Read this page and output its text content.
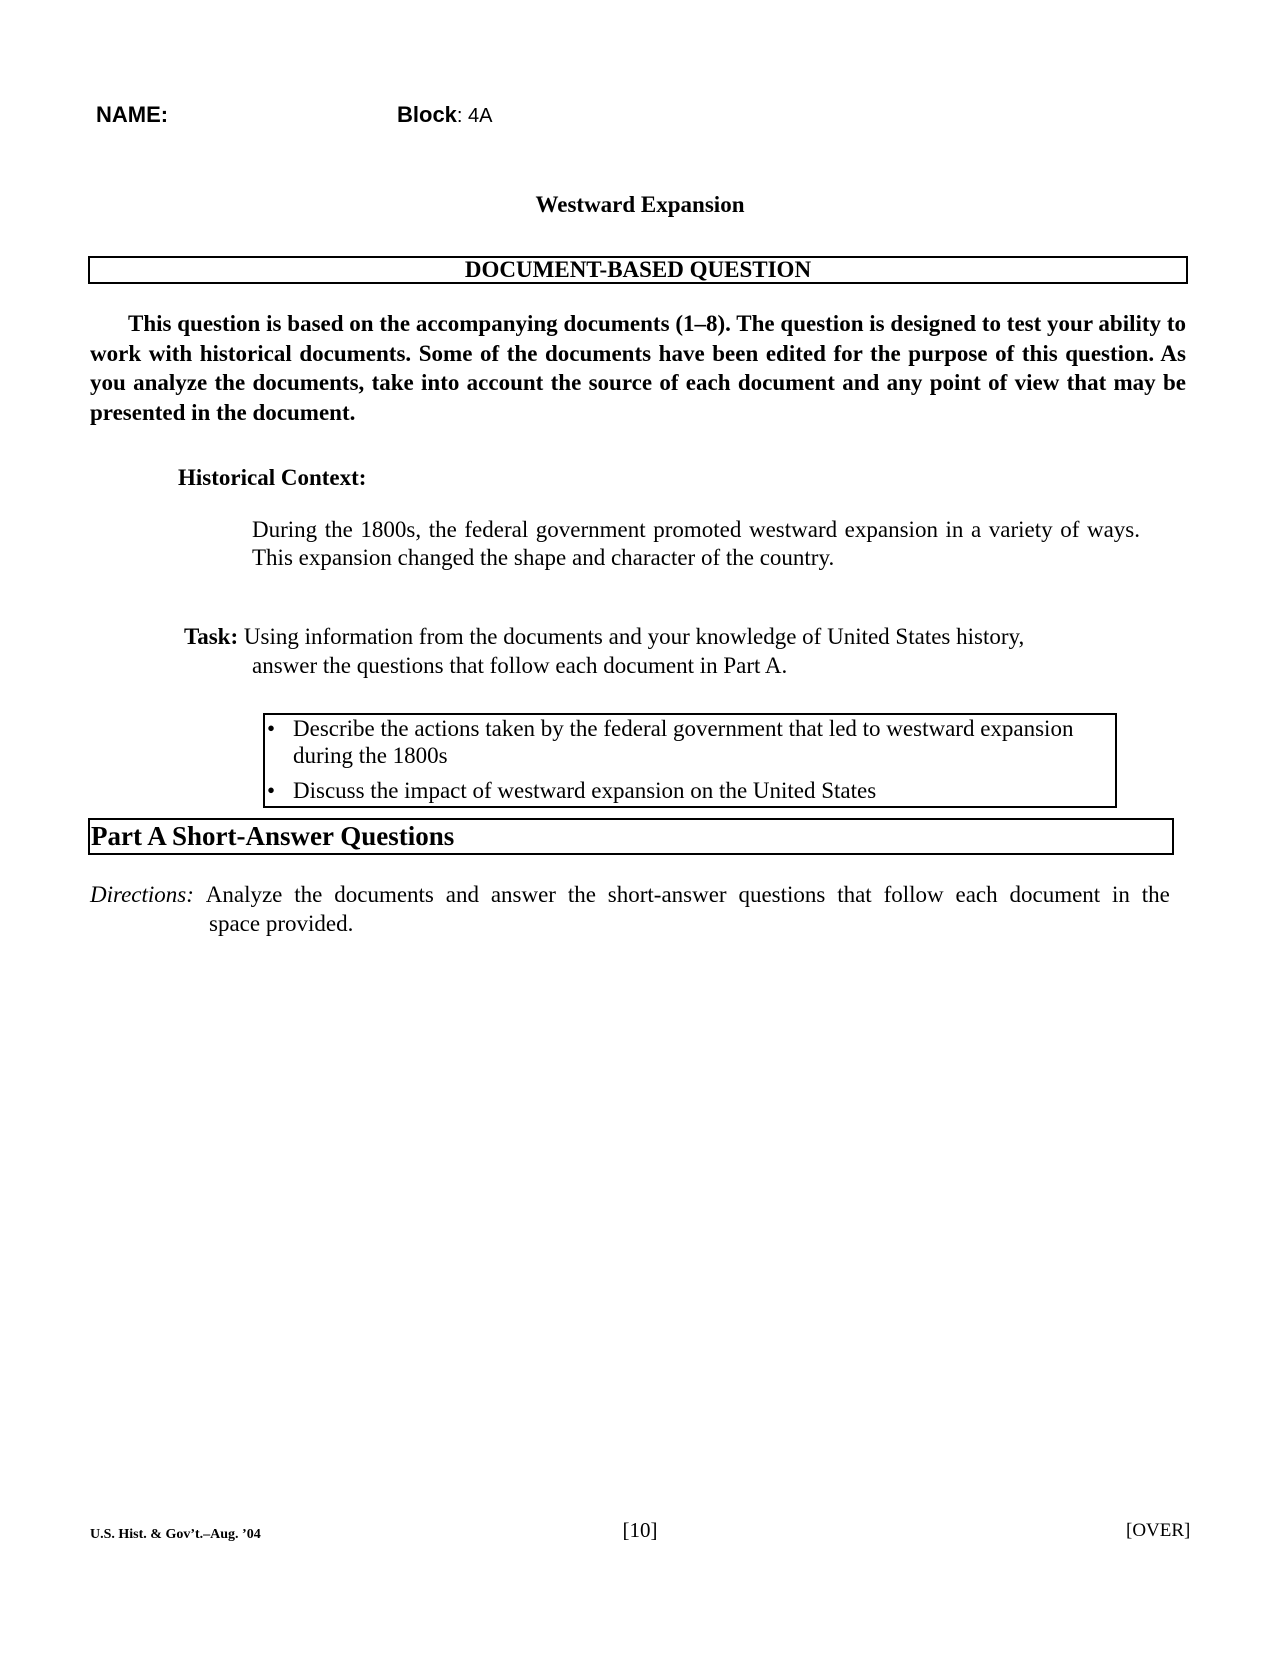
NAME:	Block: 4A
Westward Expansion
DOCUMENT-BASED QUESTION
This question is based on the accompanying documents (1–8). The question is designed to test your ability to work with historical documents. Some of the documents have been edited for the purpose of this question. As you analyze the documents, take into account the source of each document and any point of view that may be presented in the document.
Historical Context:
During the 1800s, the federal government promoted westward expansion in a variety of ways. This expansion changed the shape and character of the country.
Task: Using information from the documents and your knowledge of United States history,
answer the questions that follow each document in Part A.
• Describe the actions taken by the federal government that led to westward expansion during the 1800s
• Discuss the impact of westward expansion on the United States
Part A Short-Answer Questions
Directions: Analyze the documents and answer the short-answer questions that follow each document in the
space provided.
U.S. Hist. & Gov’t.–Aug. ’04	[10]	[OVER]
